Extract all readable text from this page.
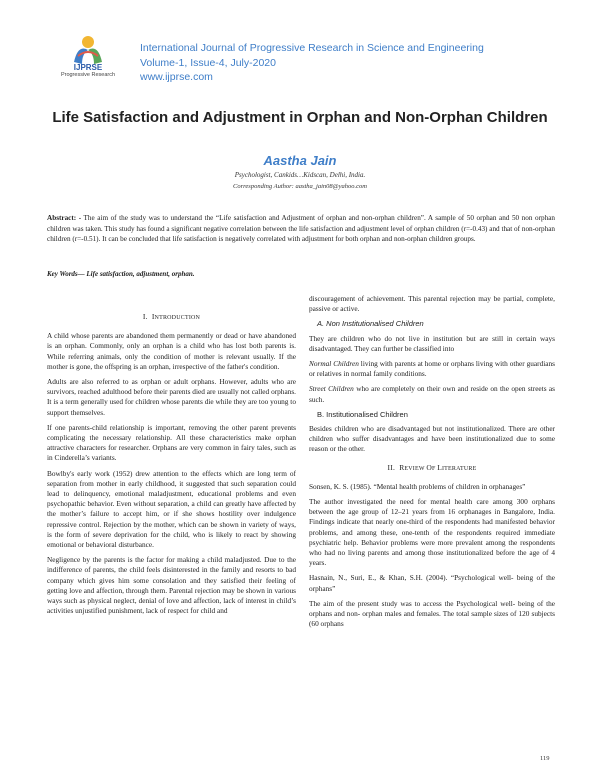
IJPRSE
Progressive Research
International Journal of Progressive Research in Science and Engineering
Volume-1, Issue-4, July-2020
www.ijprse.com
Life Satisfaction and Adjustment in Orphan and Non-Orphan Children
Aastha Jain
Psychologist, Cankids…Kidscan, Delhi, India.
Corresponding Author: aastha_jain08@yahoo.com
Abstract: - The aim of the study was to understand the “Life satisfaction and Adjustment of orphan and non-orphan children”. A sample of 50 orphan and 50 non orphan children was taken. This study has found a significant negative correlation between the life satisfaction and adjustment level of orphan children (r=-0.43) and that of non-orphan children (r=-0.51). It can be concluded that life satisfaction is negatively correlated with adjustment for both orphan and non-orphan children groups.
Key Words— Life satisfaction, adjustment, orphan.
I. INTRODUCTION

A child whose parents are abandoned them permanently or dead or have abandoned is an orphan. Commonly, only an orphan is a child who has lost both parents is. While referring animals, only the condition of mother is relevant usually. If the mother is gone, the offspring is an orphan, irrespective of the father's condition.

Adults are also referred to as orphan or adult orphans. However, adults who are survivors, reached adulthood before their parents died are usually not called orphans. It is a term generally used for children whose parents die while they are too young to support themselves.

If one parents-child relationship is important, removing the other parent prevents complicating the necessary relationship. All these characteristics make orphan attractive characters for researcher. Orphans are very common in fairy tales, such as in Cinderella’s variants.

Bowlby's early work (1952) drew attention to the effects which are long term of separation from mother in early childhood, it suggested that such separation could lead to delinquency, emotional maladjustment, educational problems and even psychopathic behavior. Even without separation, a child can greatly have affected by the mother’s failure to accept him, or if she shows hostility over indulgence repressive control. Rejection by the mother, which can be shown in variety of ways, is the form of severe deprivation for the child, who is likely to react by showing emotional or behavioral disturbance.

Negligence by the parents is the factor for making a child maladjusted. Due to the indifference of parents, the child feels disinterested in the family and resorts to bad company which gives him some consolation and they satisfied their feeling of getting love and affection, through them. Parental rejection may be shown in various ways such as physical neglect, denial of love and affection, lack of interest in child’s activities unjustified punishment, lack of respect for child and

discouragement of achievement. This parental rejection may be partial, complete, passive or active.

A. Non Institutionalised Children

They are children who do not live in institution but are still in certain ways disadvantaged. They can further be classified into

Normal Children living with parents at home or orphans living with other guardians or relatives in normal family conditions.

Street Children who are completely on their own and reside on the open streets as such.

B. Institutionalised Children

Besides children who are disadvantaged but not institutionalized. There are other children who suffer disadvantages and have been institutionalized due to some reason or the other.

II. REVIEW OF LITERATURE

Sonsen, K. S. (1985). “Mental health problems of children in orphanages”

The author investigated the need for mental health care among 300 orphans between the age group of 12–21 years from 16 orphanages in Bangalore, India. Findings indicate that nearly one-third of the respondents had manifested behavior problems, and among these, one-tenth of the respondents required immediate psychiatric help. Behavior problems were more prevalent among the respondents who had no living parents and among those institutionalized before the age of 4 years.

Hasnain, N., Suri, E., & Khan, S.H. (2004). “Psychological well- being of the orphans”

The aim of the present study was to access the Psychological well- being of the orphans and non- orphan males and females. The total sample sizes of 120 subjects (60 orphans

119
